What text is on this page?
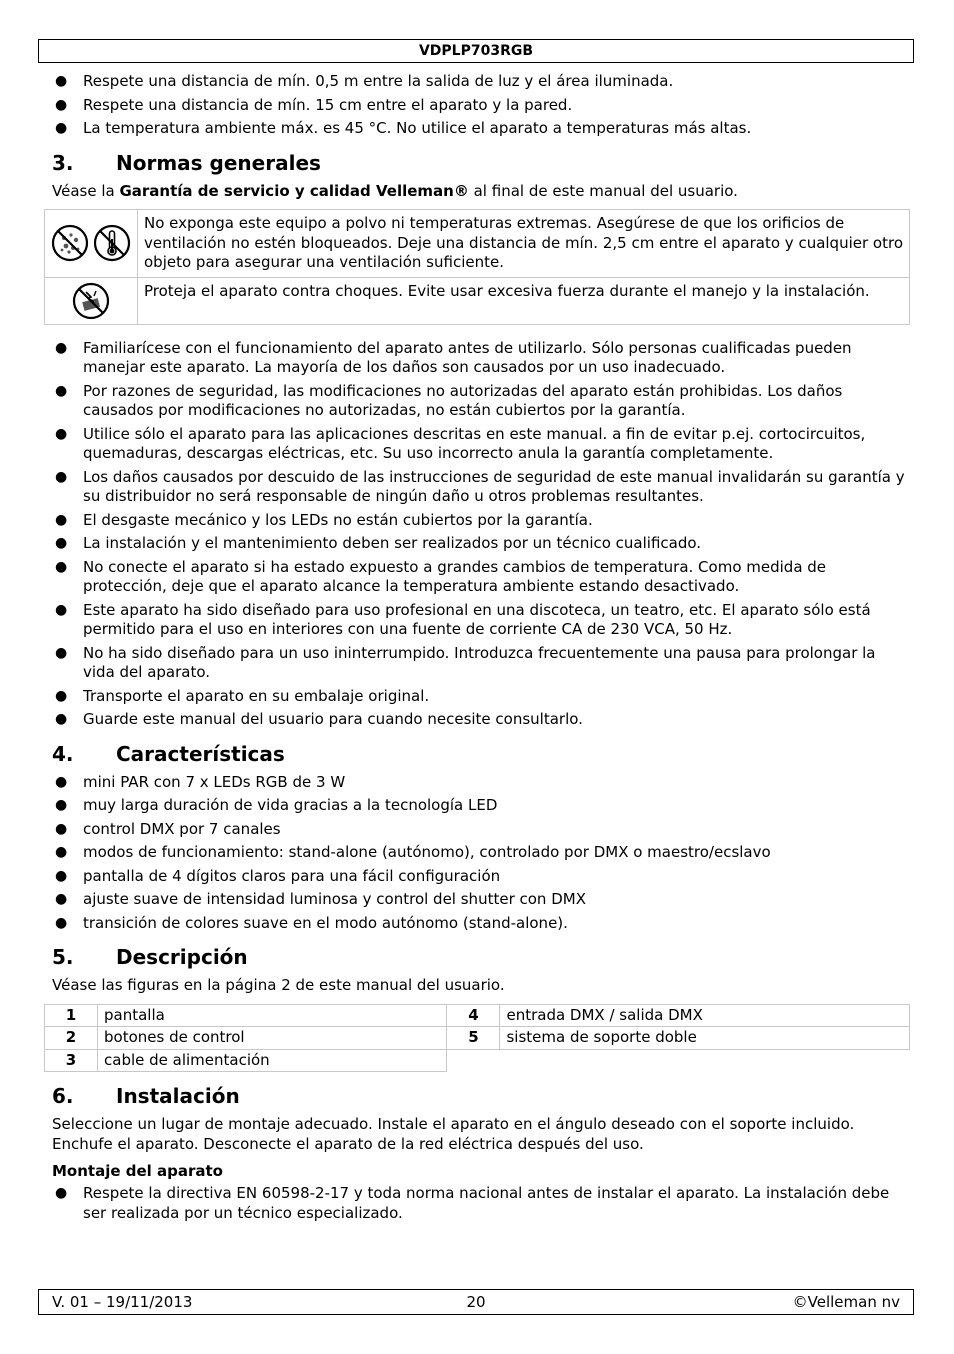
VDPLP703RGB
● Respete una distancia de mín. 0,5 m entre la salida de luz y el área iluminada.
● Respete una distancia de mín. 15 cm entre el aparato y la pared.
● La temperatura ambiente máx. es 45 °C. No utilice el aparato a temperaturas más altas.
3. Normas generales

Véase la Garantía de servicio y calidad Velleman® al final de este manual del usuario.

	No exponga este equipo a polvo ni temperaturas extremas. Asegúrese de que los orificios de ventilación no estén bloqueados. Deje una distancia de mín. 2,5 cm entre el aparato y cualquier otro objeto para asegurar una ventilación suficiente.
	Proteja el aparato contra choques. Evite usar excesiva fuerza durante el manejo y la instalación.
● Familiarícese con el funcionamiento del aparato antes de utilizarlo. Sólo personas cualificadas pueden manejar este aparato. La mayoría de los daños son causados por un uso inadecuado.
● Por razones de seguridad, las modificaciones no autorizadas del aparato están prohibidas. Los daños causados por modificaciones no autorizadas, no están cubiertos por la garantía.
● Utilice sólo el aparato para las aplicaciones descritas en este manual. a fin de evitar p.ej. cortocircuitos, quemaduras, descargas eléctricas, etc. Su uso incorrecto anula la garantía completamente.
● Los daños causados por descuido de las instrucciones de seguridad de este manual invalidarán su garantía y su distribuidor no será responsable de ningún daño u otros problemas resultantes.
● El desgaste mecánico y los LEDs no están cubiertos por la garantía.
● La instalación y el mantenimiento deben ser realizados por un técnico cualificado.
● No conecte el aparato si ha estado expuesto a grandes cambios de temperatura. Como medida de protección, deje que el aparato alcance la temperatura ambiente estando desactivado.
● Este aparato ha sido diseñado para uso profesional en una discoteca, un teatro, etc. El aparato sólo está permitido para el uso en interiores con una fuente de corriente CA de 230 VCA, 50 Hz.
● No ha sido diseñado para un uso ininterrumpido. Introduzca frecuentemente una pausa para prolongar la vida del aparato.
● Transporte el aparato en su embalaje original.
● Guarde este manual del usuario para cuando necesite consultarlo.
4. Características
● mini PAR con 7 x LEDs RGB de 3 W
● muy larga duración de vida gracias a la tecnología LED
● control DMX por 7 canales
● modos de funcionamiento: stand-alone (autónomo), controlado por DMX o maestro/ecslavo
● pantalla de 4 dígitos claros para una fácil configuración
● ajuste suave de intensidad luminosa y control del shutter con DMX
● transición de colores suave en el modo autónomo (stand-alone).
5. Descripción

Véase las figuras en la página 2 de este manual del usuario.

1	pantalla	4	entrada DMX / salida DMX
2	botones de control	5	sistema de soporte doble
3	cable de alimentación		
6. Instalación

Seleccione un lugar de montaje adecuado. Instale el aparato en el ángulo deseado con el soporte incluido. Enchufe el aparato. Desconecte el aparato de la red eléctrica después del uso.

Montaje del aparato
● Respete la directiva EN 60598-2-17 y toda norma nacional antes de instalar el aparato. La instalación debe ser realizada por un técnico especializado.
V. 01 – 19/11/2013	20	©Velleman nv
